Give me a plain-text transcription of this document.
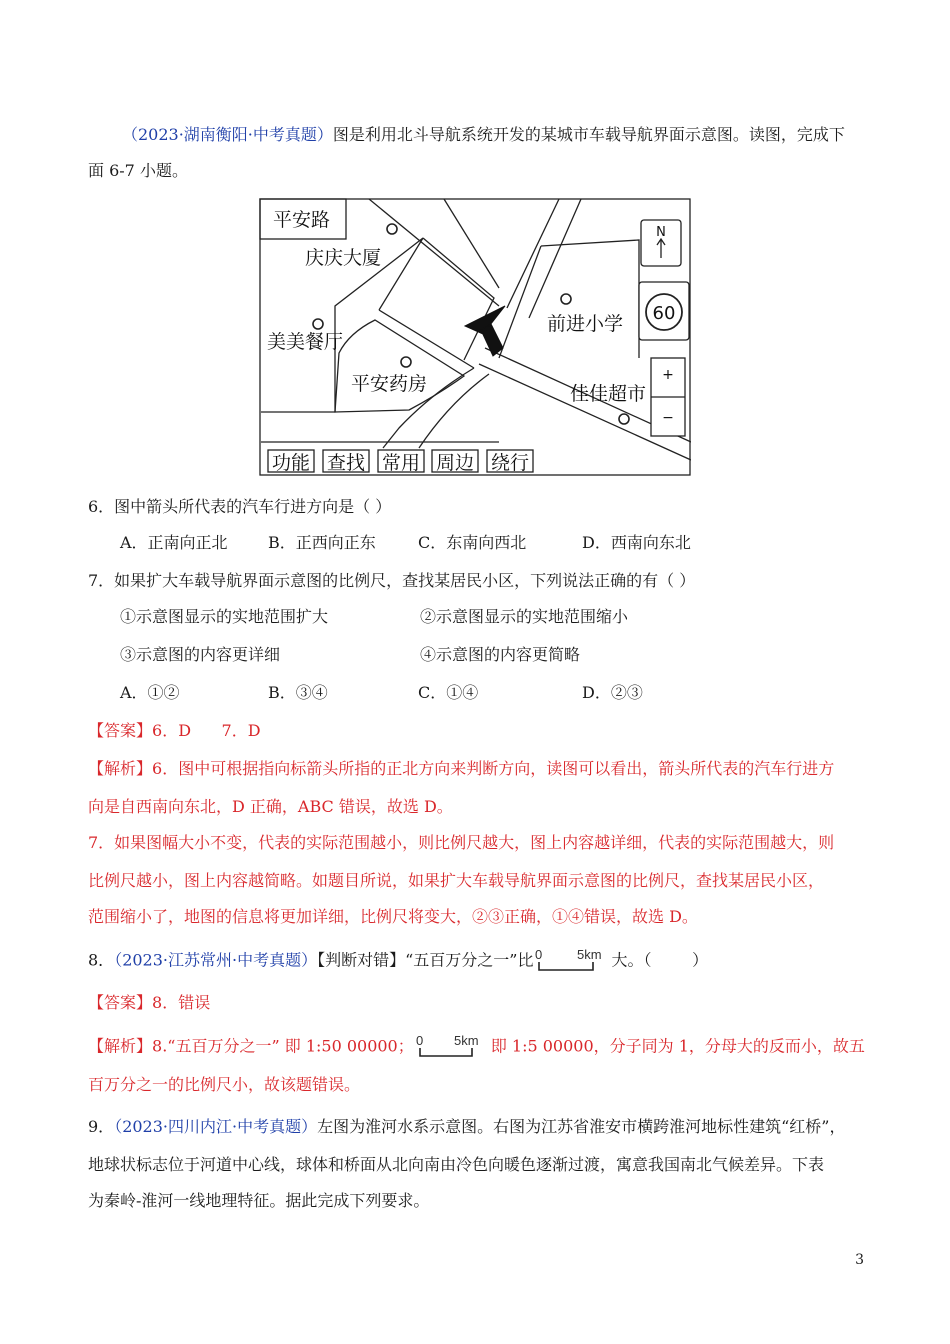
（2023·湖南衡阳·中考真题）图是利用北斗导航系统开发的某城市车载导航界面示意图。读图，完成下
面 6-7 小题。
平安路
庆庆大厦
美美餐厅
平安药房
前进小学
佳佳超市
N
60
+
−
功能 查找 常用 周边 绕行
6．图中箭头所代表的汽车行进方向是（ ）
A．正南向正北	B．正西向正东	C．东南向西北	D．西南向东北
7．如果扩大车载导航界面示意图的比例尺，查找某居民小区，下列说法正确的有（ ）
①示意图显示的实地范围扩大	②示意图显示的实地范围缩小
③示意图的内容更详细	④示意图的内容更简略
A．①②	B．③④	C．①④	D．②③
【答案】6．D      7．D
【解析】6．图中可根据指向标箭头所指的正北方向来判断方向，读图可以看出，箭头所代表的汽车行进方
向是自西南向东北，D 正确，ABC 错误，故选 D。
7．如果图幅大小不变，代表的实际范围越小，则比例尺越大，图上内容越详细，代表的实际范围越大，则
比例尺越小，图上内容越简略。如题目所说，如果扩大车载导航界面示意图的比例尺，查找某居民小区，
范围缩小了，地图的信息将更加详细，比例尺将变大，②③正确，①④错误，故选 D。
8．（2023·江苏常州·中考真题）【判断对错】“五百万分之一”比 0	5km 大。（        ）
【答案】8．错误
【解析】8.“五百万分之一” 即 1:50 00000； 0 5km 即 1:5 00000，分子同为 1，分母大的反而小，故五
百万分之一的比例尺小，故该题错误。
9．（2023·四川内江·中考真题）左图为淮河水系示意图。右图为江苏省淮安市横跨淮河地标性建筑“红桥”，
地球状标志位于河道中心线，球体和桥面从北向南由冷色向暖色逐渐过渡，寓意我国南北气候差异。下表
为秦岭-淮河一线地理特征。据此完成下列要求。
3
